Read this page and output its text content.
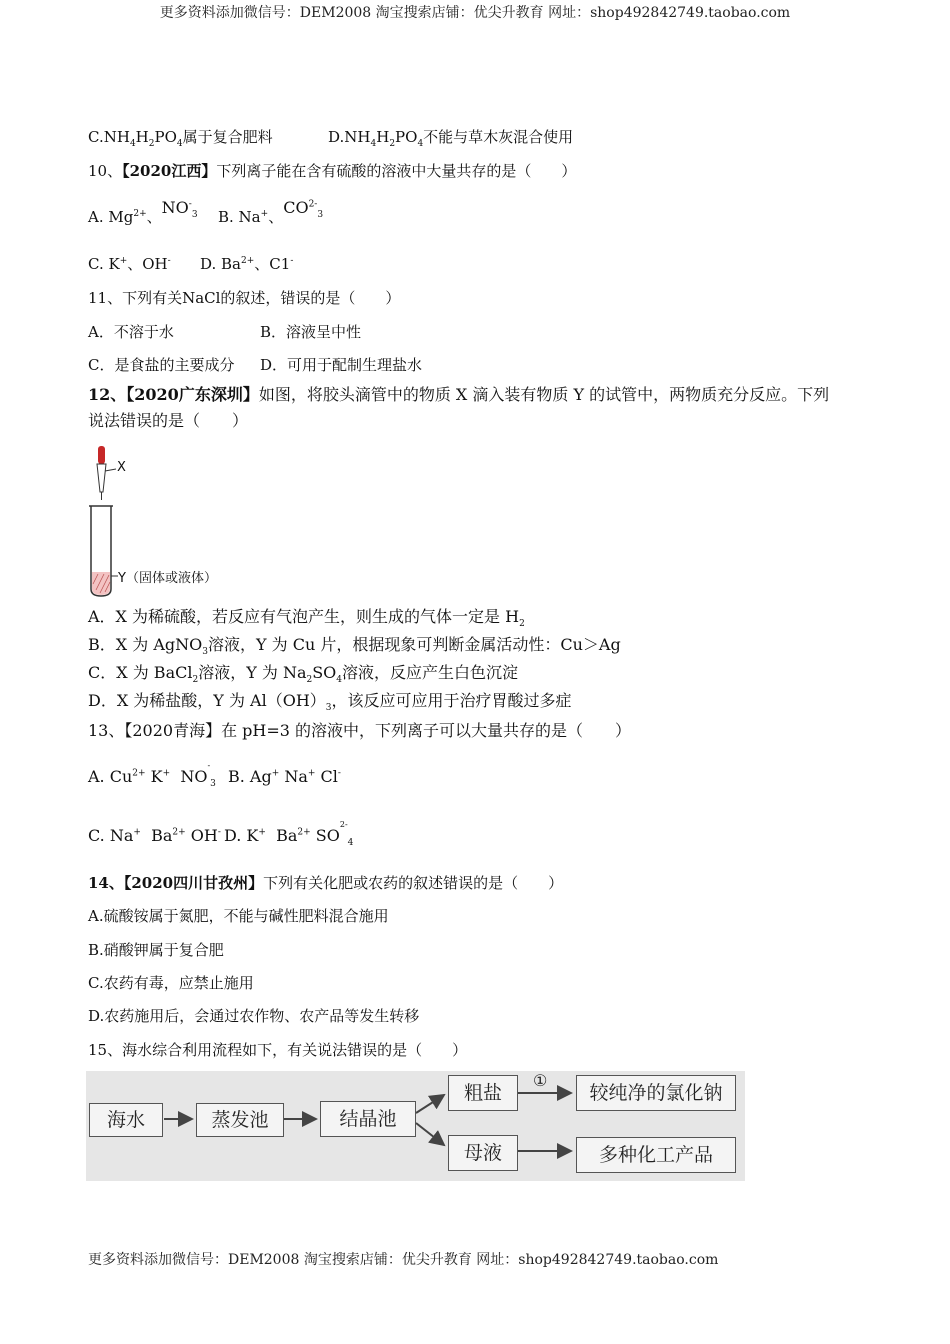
更多资料添加微信号：DEM2008 淘宝搜索店铺：优尖升教育 网址：shop492842749.taobao.com
$C.NH_4H_2PO_4$属于复合肥料	$D.NH_4H_2PO_4$不能与草木灰混合使用
10、【2020江西】下列离子能在含有硫酸的溶液中大量共存的是（　　）
A. $Mg^{2+}$、$NO^-_3$ B. Na+、$CO^{2-}_3$
C. K+、OH- D. $Ba^{2+}$、C1-
11、下列有关NaCl的叙述，错误的是（　　）
A．不溶于水	B．溶液呈中性
C．是食盐的主要成分 D．可用于配制生理盐水
12、【2020广东深圳】如图，将胶头滴管中的物质 X 滴入装有物质 Y 的试管中，两物质充分反应。下列
说法错误的是（　　）
X
Y（固体或液体）
A．X 为稀硫酸，若反应有气泡产生，则生成的气体一定是 $H_2$
B．X 为 AgNO$_3$溶液，Y 为 Cu 片，根据现象可判断金属活动性：Cu＞Ag
C．X 为 BaCl$_2$溶液，Y 为 $Na_2SO_4$溶液，反应产生白色沉淀
D．X 为稀盐酸，Y 为 $Al(OH)_3$，该反应可应用于治疗胃酸过多症
13、【2020青海】在 pH=3 的溶液中，下列离子可以大量共存的是（　　）
A. $Cu^{2+}$ K+ $NO^-_3$ B. Ag+ Na+ Cl-
C. Na+ $Ba^{2+}$ OH- D. K+ $Ba^{2+}$ $SO^{2-}_4$
14、【2020四川甘孜州】下列有关化肥或农药的叙述错误的是（　　）
A.硫酸铵属于氮肥，不能与碱性肥料混合施用
B.硝酸钾属于复合肥
C.农药有毒，应禁止施用
D.农药施用后，会通过农作物、农产品等发生转移
15、海水综合利用流程如下，有关说法错误的是（　　）
海水	蒸发池	结晶池
粗盐
①
较纯净的氯化钠
母液	多种化工产品
更多资料添加微信号：DEM2008 淘宝搜索店铺：优尖升教育 网址：shop492842749.taobao.com
